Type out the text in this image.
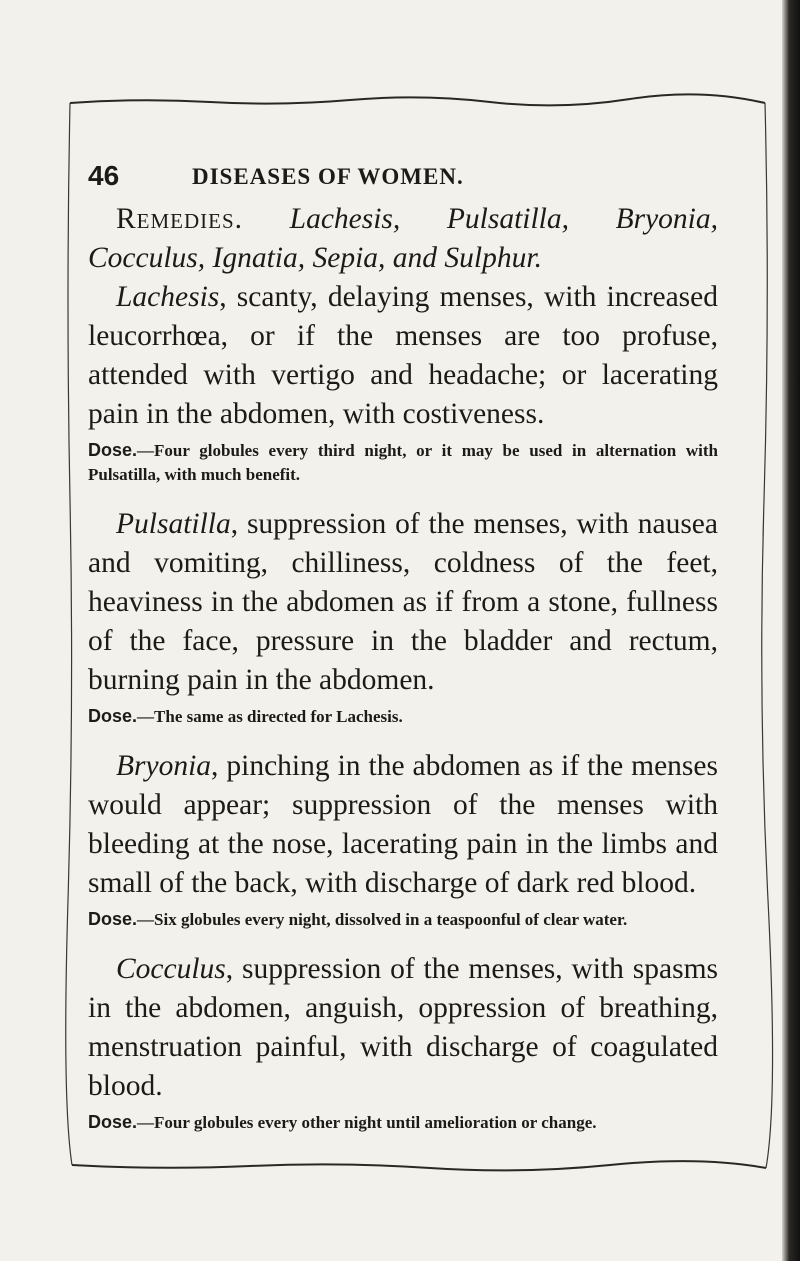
46	DISEASES OF WOMEN.

Remedies. Lachesis, Pulsatilla, Bryonia, Cocculus, Ignatia, Sepia, and Sulphur.

Lachesis, scanty, delaying menses, with increased leucorrhœa, or if the menses are too profuse, attended with vertigo and headache; or lacerating pain in the abdomen, with costiveness.

Dose.—Four globules every third night, or it may be used in alternation with Pulsatilla, with much benefit.

Pulsatilla, suppression of the menses, with nausea and vomiting, chilliness, coldness of the feet, heaviness in the abdomen as if from a stone, fullness of the face, pressure in the bladder and rectum, burning pain in the abdomen.

Dose.—The same as directed for Lachesis.

Bryonia, pinching in the abdomen as if the menses would appear; suppression of the menses with bleeding at the nose, lacerating pain in the limbs and small of the back, with discharge of dark red blood.

Dose.—Six globules every night, dissolved in a teaspoonful of clear water.

Cocculus, suppression of the menses, with spasms in the abdomen, anguish, oppression of breathing, menstruation painful, with discharge of coagulated blood.

Dose.—Four globules every other night until amelioration or change.
